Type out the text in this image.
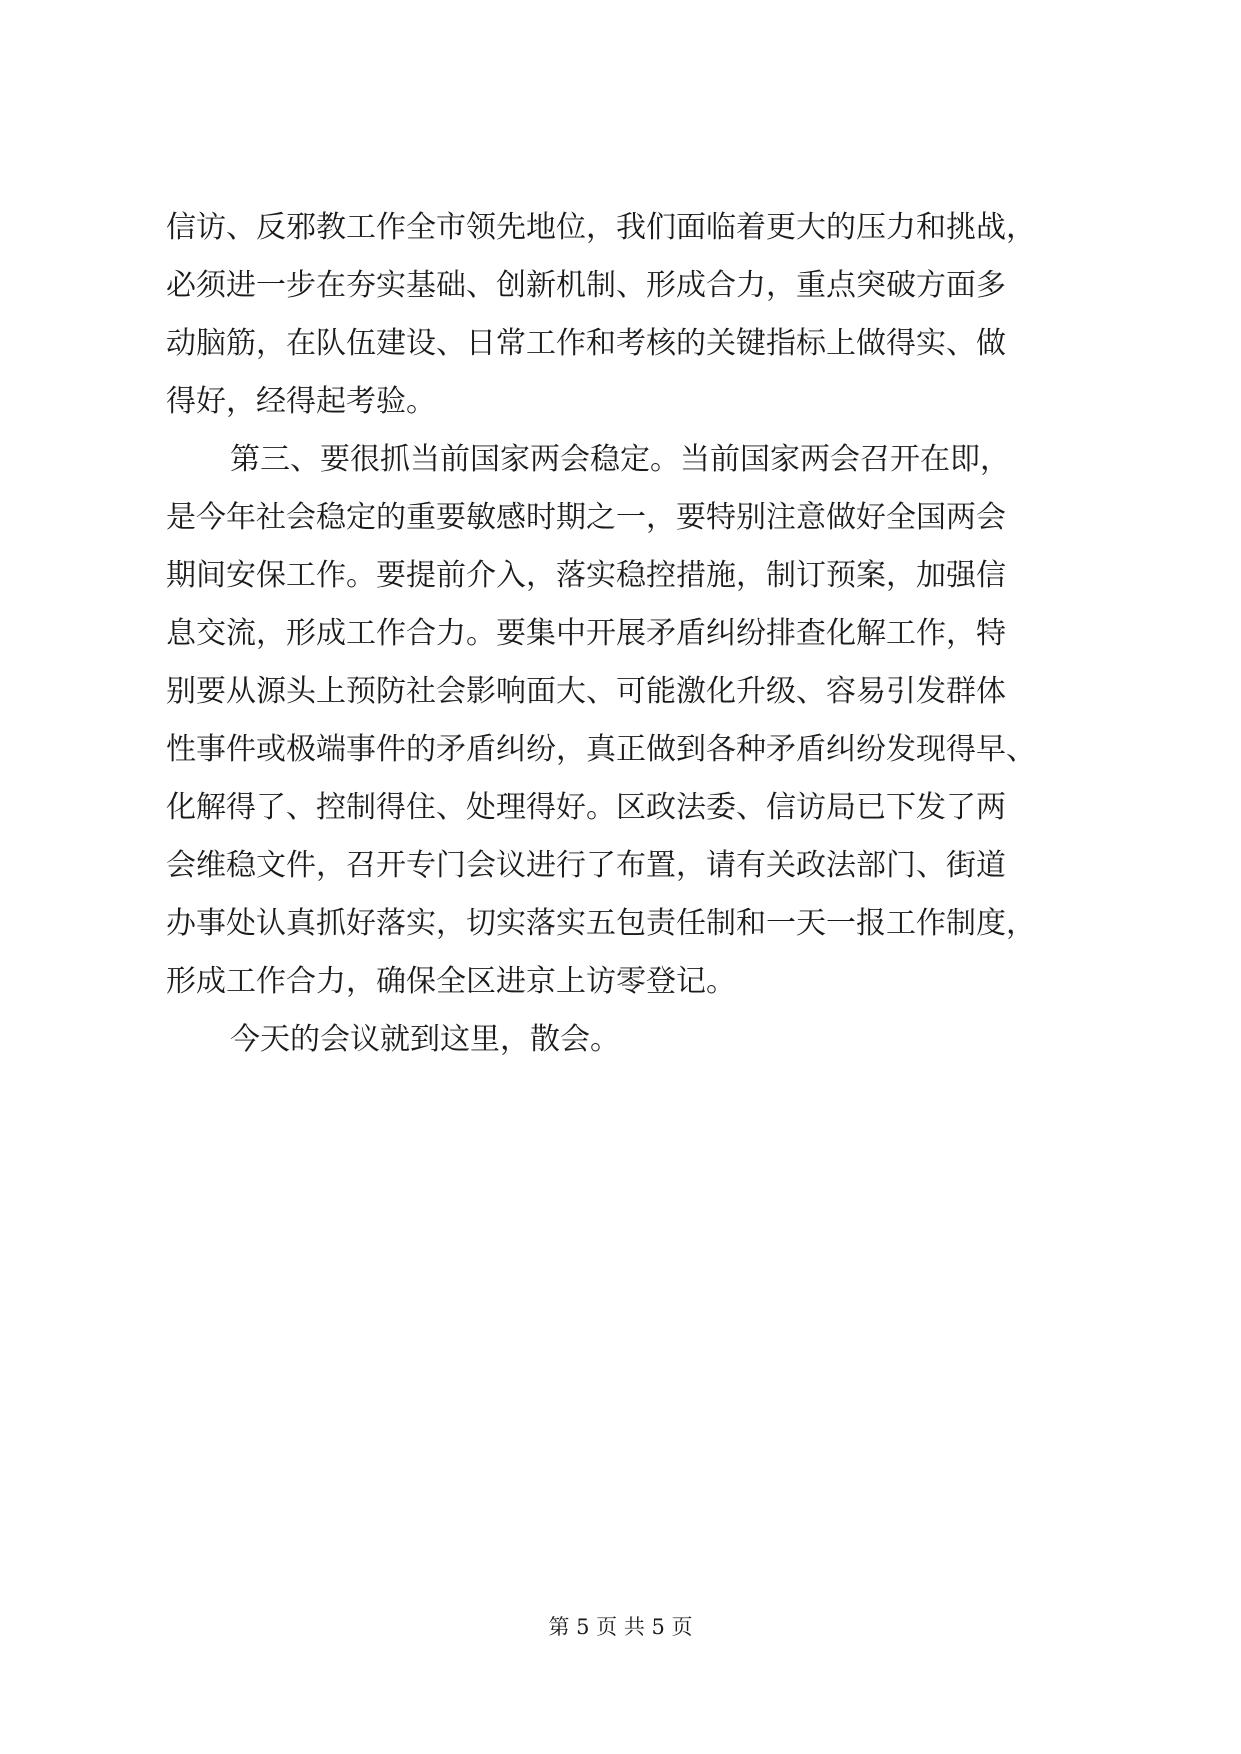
信访、反邪教工作全市领先地位，我们面临着更大的压力和挑战，
必须进一步在夯实基础、创新机制、形成合力，重点突破方面多
动脑筋，在队伍建设、日常工作和考核的关键指标上做得实、做
得好，经得起考验。
第三、要很抓当前国家两会稳定。当前国家两会召开在即，
是今年社会稳定的重要敏感时期之一，要特别注意做好全国两会
期间安保工作。要提前介入，落实稳控措施，制订预案，加强信
息交流，形成工作合力。要集中开展矛盾纠纷排查化解工作，特
别要从源头上预防社会影响面大、可能激化升级、容易引发群体
性事件或极端事件的矛盾纠纷，真正做到各种矛盾纠纷发现得早、
化解得了、控制得住、处理得好。区政法委、信访局已下发了两
会维稳文件，召开专门会议进行了布置，请有关政法部门、街道
办事处认真抓好落实，切实落实五包责任制和一天一报工作制度，
形成工作合力，确保全区进京上访零登记。
今天的会议就到这里，散会。
第 5 页 共 5 页
